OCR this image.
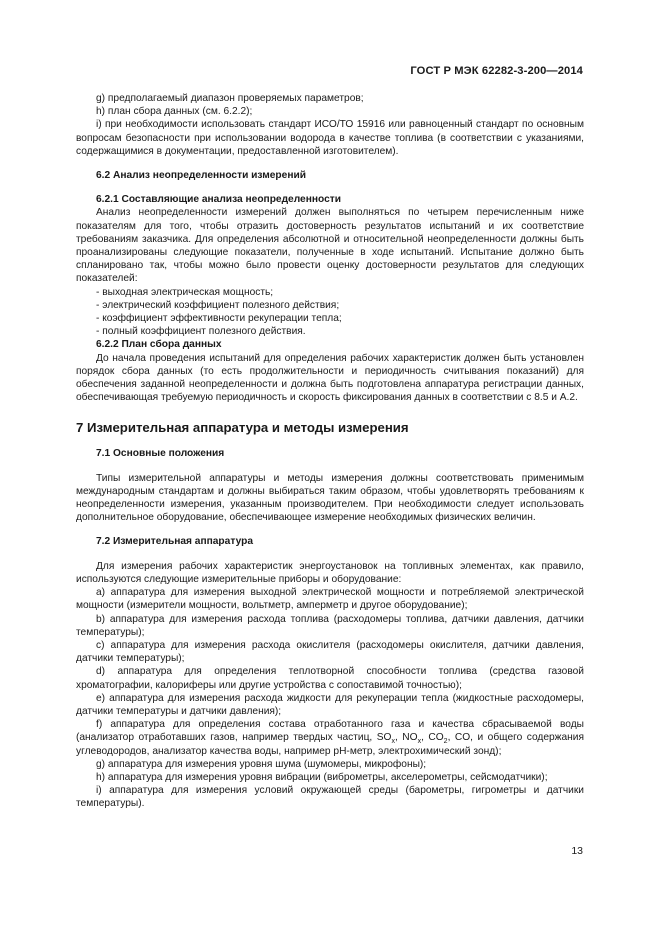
ГОСТ Р МЭК 62282-3-200—2014

g) предполагаемый диапазон проверяемых параметров;

h) план сбора данных (см. 6.2.2);

i) при необходимости использовать стандарт ИСО/ТО 15916 или равноценный стандарт по основным вопросам безопасности при использовании водорода в качестве топлива (в соответствии с указаниями, содержащимися в документации, предоставленной изготовителем).

6.2 Анализ неопределенности измерений

6.2.1 Составляющие анализа неопределенности

Анализ неопределенности измерений должен выполняться по четырем перечисленным ниже показателям для того, чтобы отразить достоверность результатов испытаний и их соответствие требованиям заказчика. Для определения абсолютной и относительной неопределенности должны быть проанализированы следующие показатели, полученные в ходе испытаний. Испытание должно быть спланировано так, чтобы можно было провести оценку достоверности результатов для следующих показателей:

- выходная электрическая мощность;

- электрический коэффициент полезного действия;

- коэффициент эффективности рекуперации тепла;

- полный коэффициент полезного действия.

6.2.2 План сбора данных

До начала проведения испытаний для определения рабочих характеристик должен быть установлен порядок сбора данных (то есть продолжительности и периодичность считывания показаний) для обеспечения заданной неопределенности и должна быть подготовлена аппаратура регистрации данных, обеспечивающая требуемую периодичность и скорость фиксирования данных в соответствии с 8.5 и А.2.

7 Измерительная аппаратура и методы измерения

7.1 Основные положения

Типы измерительной аппаратуры и методы измерения должны соответствовать применимым международным стандартам и должны выбираться таким образом, чтобы удовлетворять требованиям к неопределенности измерения, указанным производителем. При необходимости следует использовать дополнительное оборудование, обеспечивающее измерение необходимых физических величин.

7.2 Измерительная аппаратура

Для измерения рабочих характеристик энергоустановок на топливных элементах, как правило, используются следующие измерительные приборы и оборудование:

a) аппаратура для измерения выходной электрической мощности и потребляемой электрической мощности (измерители мощности, вольтметр, амперметр и другое оборудование);

b) аппаратура для измерения расхода топлива (расходомеры топлива, датчики давления, датчики температуры);

c) аппаратура для измерения расхода окислителя (расходомеры окислителя, датчики давления, датчики температуры);

d) аппаратура для определения теплотворной способности топлива (средства газовой хроматографии, калориферы или другие устройства с сопоставимой точностью);

e) аппаратура для измерения расхода жидкости для рекуперации тепла (жидкостные расходомеры, датчики температуры и датчики давления);

f) аппаратура для определения состава отработанного газа и качества сбрасываемой воды (анализатор отработавших газов, например твердых частиц, $SO_x$, $NO_x$, $CO_2$, CO, и общего содержания углеводородов, анализатор качества воды, например pH-метр, электрохимический зонд);

g) аппаратура для измерения уровня шума (шумомеры, микрофоны);

h) аппаратура для измерения уровня вибрации (виброметры, акселерометры, сейсмодатчики);

i) аппаратура для измерения условий окружающей среды (барометры, гигрометры и датчики температуры).

13
